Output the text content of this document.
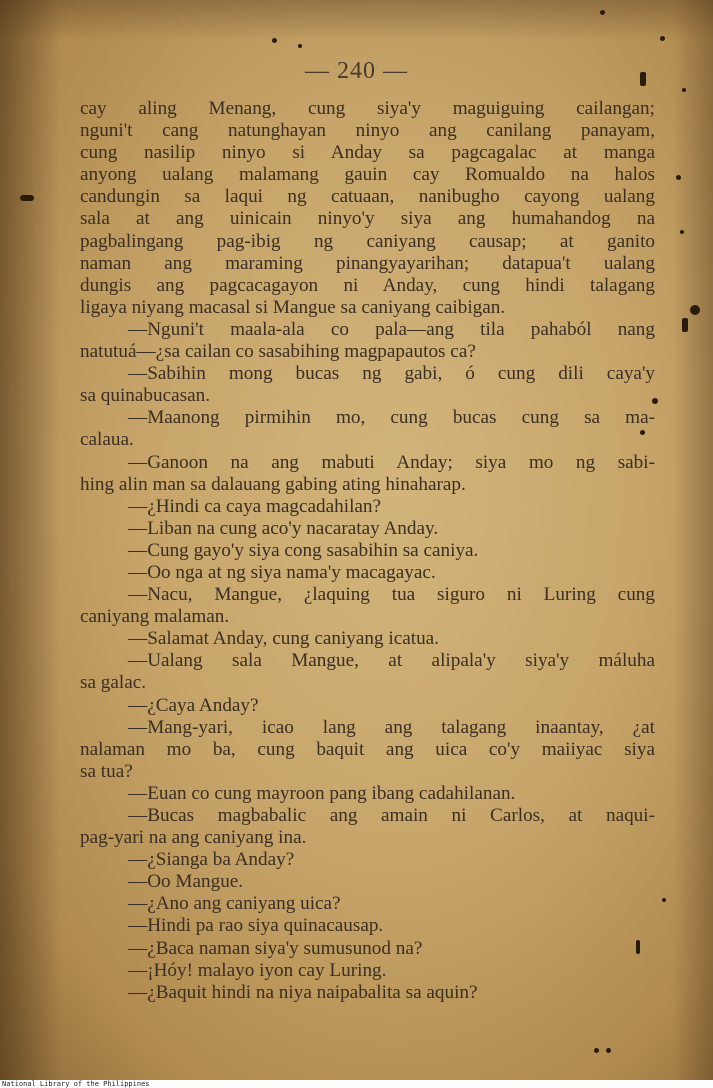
— 240 —
cay aling Menang, cung siya'y maguiguing cailangan;
nguni't cang natunghayan ninyo ang canilang panayam,
cung nasilip ninyo si Anday sa pagcagalac at manga
anyong ualang malamang gauin cay Romualdo na halos
candungin sa laqui ng catuaan, nanibugho cayong ualang
sala at ang uinicain ninyo'y siya ang humahandog na
pagbalingang pag-ibig ng caniyang causap; at ganito
naman ang maraming pinangyayarihan; datapua't ualang
dungis ang pagcacagayon ni Anday, cung hindi talagang
ligaya niyang macasal si Mangue sa caniyang caibigan.
—Nguni't maala-ala co pala—ang tila pahaból nang
natutuá—¿sa cailan co sasabihing magpapautos ca?
—Sabihin mong bucas ng gabi, ó cung dili caya'y
sa quinabucasan.
—Maanong pirmihin mo, cung bucas cung sa ma-
calaua.
—Ganoon na ang mabuti Anday; siya mo ng sabi-
hing alin man sa dalauang gabing ating hinaharap.
—¿Hindi ca caya magcadahilan?
—Liban na cung aco'y nacaratay Anday.
—Cung gayo'y siya cong sasabihin sa caniya.
—Oo nga at ng siya nama'y macagayac.
—Nacu, Mangue, ¿laquing tua siguro ni Luring cung
caniyang malaman.
—Salamat Anday, cung caniyang icatua.
—Ualang sala Mangue, at alipala'y siya'y máluha
sa galac.
—¿Caya Anday?
—Mang-yari, icao lang ang talagang inaantay, ¿at
nalaman mo ba, cung baquit ang uica co'y maiiyac siya
sa tua?
—Euan co cung mayroon pang ibang cadahilanan.
—Bucas magbabalic ang amain ni Carlos, at naqui-
pag-yari na ang caniyang ina.
—¿Sianga ba Anday?
—Oo Mangue.
—¿Ano ang caniyang uica?
—Hindi pa rao siya quinacausap.
—¿Baca naman siya'y sumusunod na?
—¡Hóy! malayo iyon cay Luring.
—¿Baquit hindi na niya naipabalita sa aquin?
National Library of the Philippines
